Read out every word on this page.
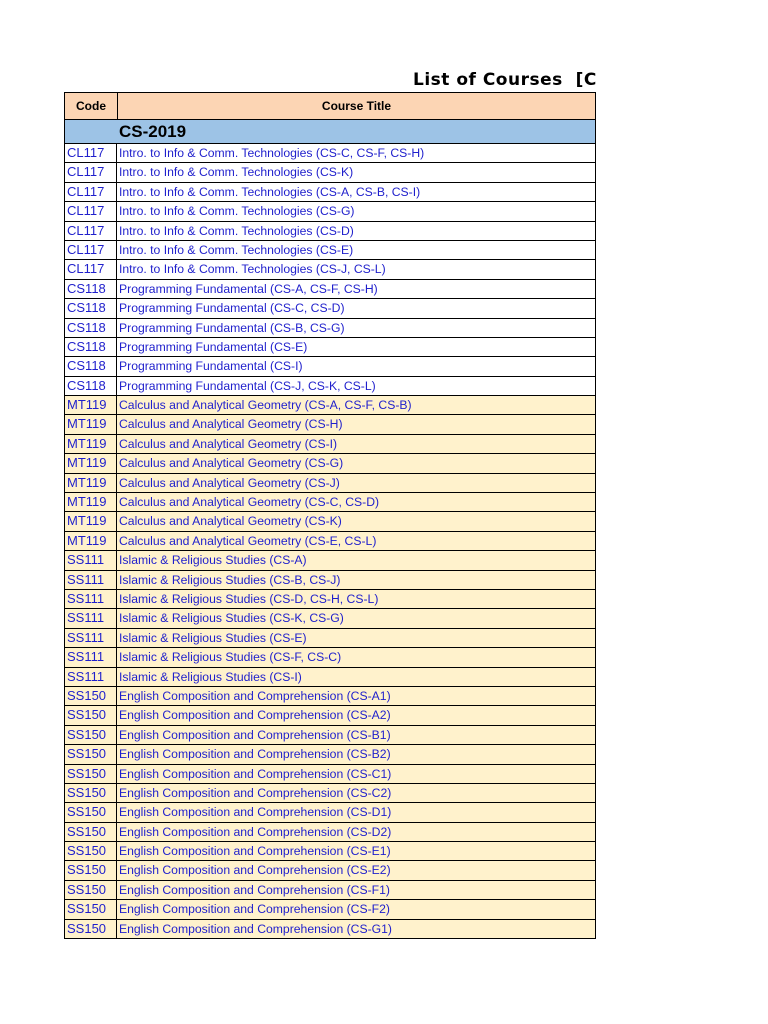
List of Courses  [C
Code	Course Title
CS-2019
CL117	Intro. to Info & Comm. Technologies (CS-C, CS-F, CS-H)
CL117	Intro. to Info & Comm. Technologies (CS-K)
CL117	Intro. to Info & Comm. Technologies (CS-A, CS-B, CS-I)
CL117	Intro. to Info & Comm. Technologies (CS-G)
CL117	Intro. to Info & Comm. Technologies (CS-D)
CL117	Intro. to Info & Comm. Technologies (CS-E)
CL117	Intro. to Info & Comm. Technologies (CS-J, CS-L)
CS118	Programming Fundamental (CS-A, CS-F, CS-H)
CS118	Programming Fundamental (CS-C, CS-D)
CS118	Programming Fundamental (CS-B, CS-G)
CS118	Programming Fundamental (CS-E)
CS118	Programming Fundamental (CS-I)
CS118	Programming Fundamental (CS-J, CS-K, CS-L)
MT119	Calculus and Analytical Geometry (CS-A, CS-F, CS-B)
MT119	Calculus and Analytical Geometry (CS-H)
MT119	Calculus and Analytical Geometry (CS-I)
MT119	Calculus and Analytical Geometry (CS-G)
MT119	Calculus and Analytical Geometry (CS-J)
MT119	Calculus and Analytical Geometry (CS-C, CS-D)
MT119	Calculus and Analytical Geometry (CS-K)
MT119	Calculus and Analytical Geometry (CS-E, CS-L)
SS111	Islamic & Religious Studies (CS-A)
SS111	Islamic & Religious Studies (CS-B, CS-J)
SS111	Islamic & Religious Studies (CS-D, CS-H, CS-L)
SS111	Islamic & Religious Studies (CS-K, CS-G)
SS111	Islamic & Religious Studies (CS-E)
SS111	Islamic & Religious Studies (CS-F, CS-C)
SS111	Islamic & Religious Studies (CS-I)
SS150	English Composition and Comprehension (CS-A1)
SS150	English Composition and Comprehension (CS-A2)
SS150	English Composition and Comprehension (CS-B1)
SS150	English Composition and Comprehension (CS-B2)
SS150	English Composition and Comprehension (CS-C1)
SS150	English Composition and Comprehension (CS-C2)
SS150	English Composition and Comprehension (CS-D1)
SS150	English Composition and Comprehension (CS-D2)
SS150	English Composition and Comprehension (CS-E1)
SS150	English Composition and Comprehension (CS-E2)
SS150	English Composition and Comprehension (CS-F1)
SS150	English Composition and Comprehension (CS-F2)
SS150	English Composition and Comprehension (CS-G1)
